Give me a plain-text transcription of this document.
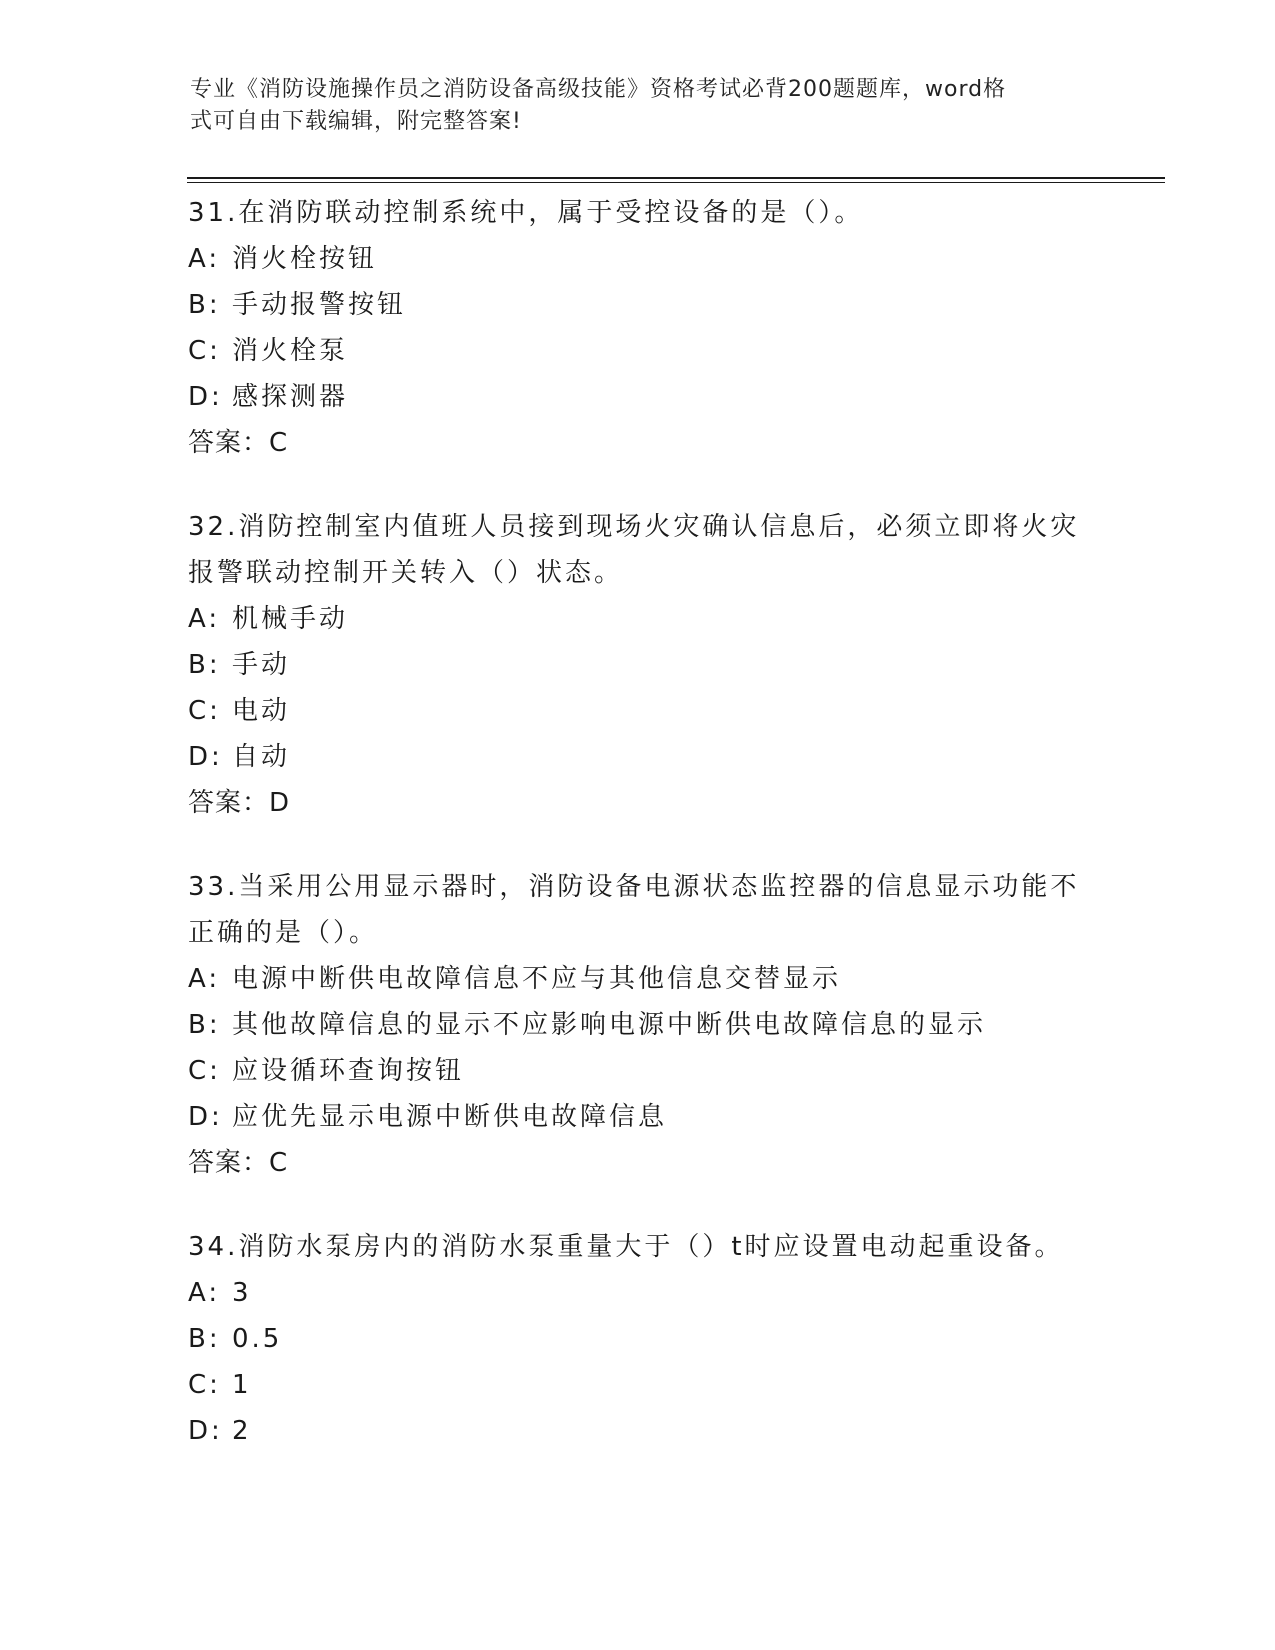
专业《消防设施操作员之消防设备高级技能》资格考试必背200题题库，word格
式可自由下载编辑，附完整答案!
31.在消防联动控制系统中，属于受控设备的是（）。
A: 消火栓按钮
B: 手动报警按钮
C: 消火栓泵
D: 感探测器
答案：C
32.消防控制室内值班人员接到现场火灾确认信息后，必须立即将火灾
报警联动控制开关转入（）状态。
A: 机械手动
B: 手动
C: 电动
D: 自动
答案：D
33.当采用公用显示器时，消防设备电源状态监控器的信息显示功能不
正确的是（）。
A: 电源中断供电故障信息不应与其他信息交替显示
B: 其他故障信息的显示不应影响电源中断供电故障信息的显示
C: 应设循环查询按钮
D: 应优先显示电源中断供电故障信息
答案：C
34.消防水泵房内的消防水泵重量大于（）t时应设置电动起重设备。
A: 3
B: 0.5
C: 1
D: 2
